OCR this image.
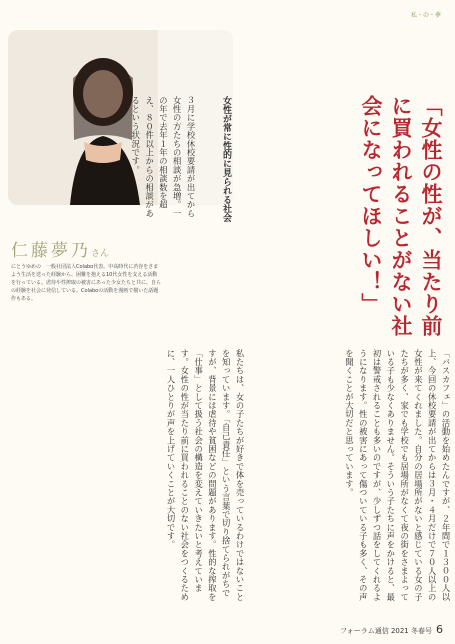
私・の・夢
「女性の性が、当たり前に買われることがない社会になってほしい！」
女性が常に性的に見られる社会
３月に学校休校要請が出てから女性の方たちの相談が急増。一の年で去年１年の相談数を超え、８０件以上からの相談があるという状況です。
仁藤夢乃さん
にとうゆめの　一般社団法人Colabo代表。中高時代に渋谷をさまよう生活を送った経験から、困難を抱える10代女性を支える活動を行っている。虐待や性搾取の被害にあった少女たちと共に、自らの経験を社会に発信している。Colaboの活動を漫画で描いた話題作もある。
「バスカフェ」の活動を始めたんですが、２年間で１３００人以上、今回の休校要請が出てからは３月・４月だけで７０人以上の女性が来てくれました。自分の居場所がないと感じている女の子たちが多く、家でも学校でも居場所がなくて夜の街をさまよっている子も少なくありません。そういう子たちに声をかけると、最初は警戒されることも多いのですが、少しずつ話をしてくれるようになります。性の被害にあって傷ついている子も多く、その声を聞くことが大切だと思っています。
私たちは、女の子たちが好きで体を売っているわけではないことを知っています。「自己責任」という言葉で切り捨てられがちですが、背景には虐待や貧困などの問題があります。性的な搾取を「仕事」として扱う社会の構造を変えていきたいと考えています。女性の性が当たり前に買われることのない社会をつくるために、一人ひとりが声を上げていくことが大切です。
フォーラム通信 2021 冬春号 6
